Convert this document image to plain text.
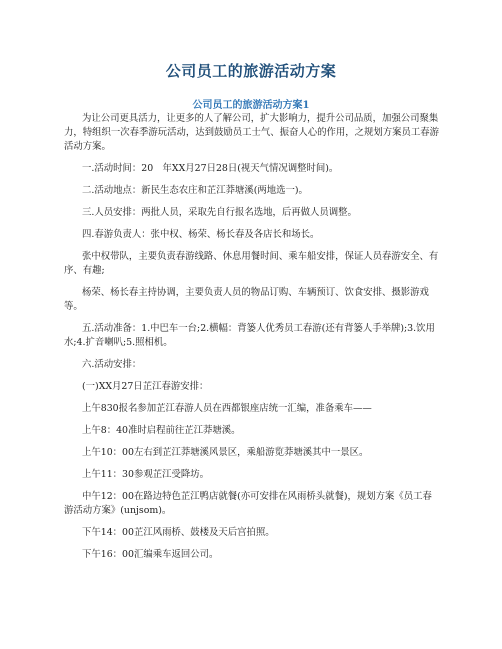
公司员工的旅游活动方案
公司员工的旅游活动方案1

为让公司更具活力，让更多的人了解公司，扩大影响力，提升公司品质，加强公司聚集力，特组织一次春季游玩活动，达到鼓励员工士气、振奋人心的作用，之规划方案员工春游活动方案。

一.活动时间：20　年XX月27日28日(视天气情况调整时间)。

二.活动地点：新民生态农庄和芷江莽塘溪(两地选一)。

三.人员安排：两批人员，采取先自行报名选地，后再做人员调整。

四.春游负责人：张中权、杨荣、杨长春及各店长和场长。

张中权带队，主要负责春游线路、休息用餐时间、乘车船安排，保证人员春游安全、有序、有趣;

杨荣、杨长春主持协调，主要负责人员的物品订购、车辆预订、饮食安排、摄影游戏等。

五.活动准备：1.中巴车一台;2.横幅：背篓人优秀员工春游(还有背篓人手举牌);3.饮用水;4.扩音喇叭;5.照相机。

六.活动安排：

(一)XX月27日芷江春游安排：

上午830报名参加芷江春游人员在西都银座店统一汇编，准备乘车——

上午8：40准时启程前往芷江莽塘溪。

上午10：00左右到芷江莽塘溪风景区，乘船游览莽塘溪其中一景区。

上午11：30参观芷江受降坊。

中午12：00在路边特色芷江鸭店就餐(亦可安排在风雨桥头就餐)，规划方案《员工春游活动方案》(unjsom)。

下午14：00芷江风雨桥、鼓楼及天后宫拍照。

下午16：00汇编乘车返回公司。
